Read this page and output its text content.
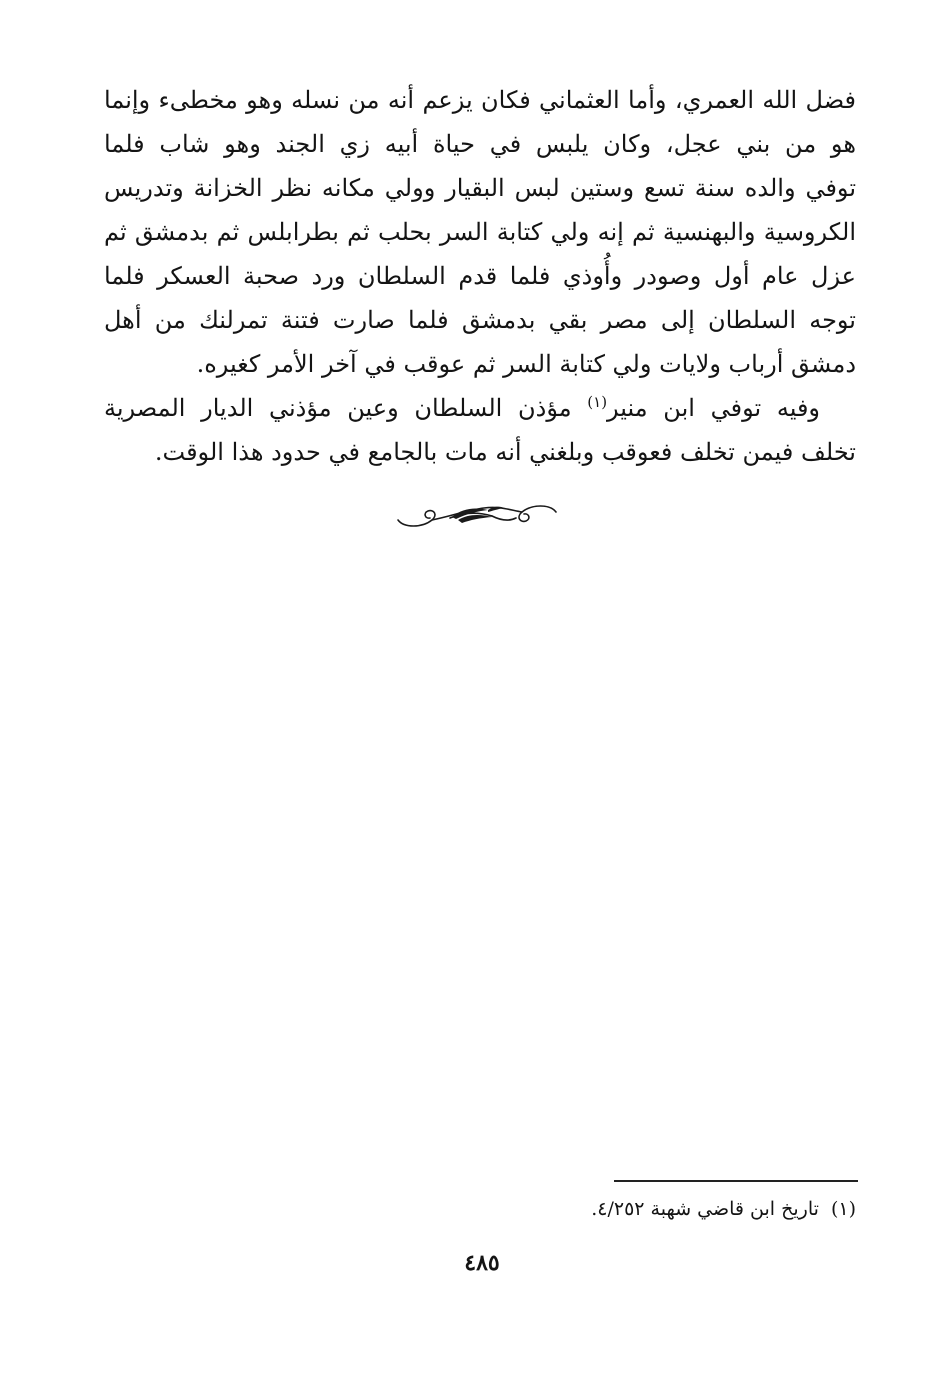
فضل الله العمري، وأما العثماني فكان يزعم أنه من نسله وهو مخطىء وإنما
هو من بني عجل، وكان يلبس في حياة أبيه زي الجند وهو شاب فلما
توفي والده سنة تسع وستين لبس البقيار وولي مكانه نظر الخزانة وتدريس
الكروسية والبهنسية ثم إنه ولي كتابة السر بحلب ثم بطرابلس ثم بدمشق ثم
عزل عام أول وصودر وأُوذي فلما قدم السلطان ورد صحبة العسكر فلما
توجه السلطان إلى مصر بقي بدمشق فلما صارت فتنة تمرلنك من أهل
دمشق أرباب ولايات ولي كتابة السر ثم عوقب في آخر الأمر كغيره.
وفيه توفي ابن منير$^{(١)}$ مؤذن السلطان وعين مؤذني الديار المصرية
تخلف فيمن تخلف فعوقب وبلغني أنه مات بالجامع في حدود هذا الوقت.
(١)تاريخ ابن قاضي شهبة ٤/٢٥٢.
٤٨٥
